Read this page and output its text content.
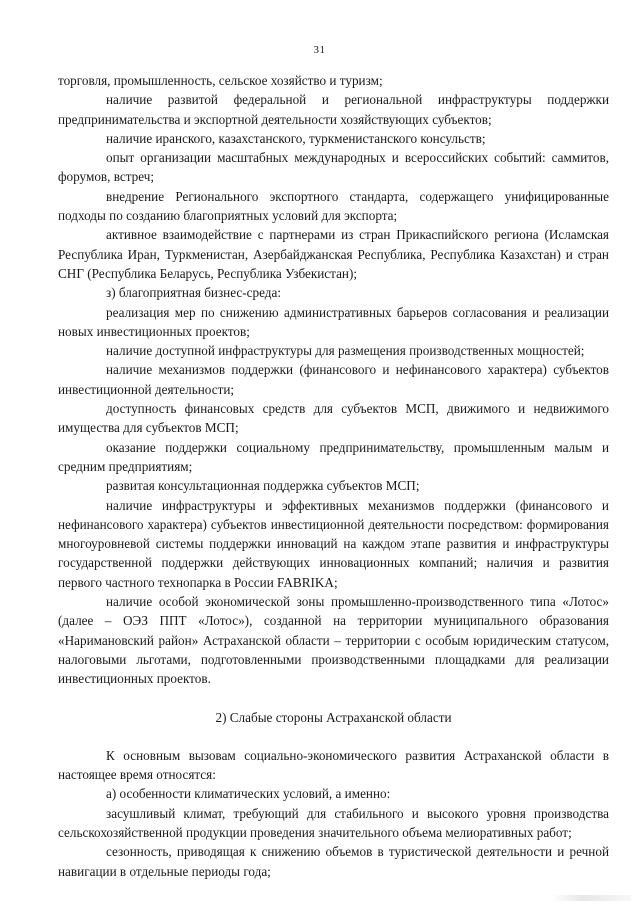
31

торговля, промышленность, сельское хозяйство и туризм;

наличие развитой федеральной и региональной инфраструктуры поддержки предпринимательства и экспортной деятельности хозяйствующих субъектов;

наличие иранского, казахстанского, туркменистанского консульств;

опыт организации масштабных международных и всероссийских событий: саммитов, форумов, встреч;

внедрение Регионального экспортного стандарта, содержащего унифицированные подходы по созданию благоприятных условий для экспорта;

активное взаимодействие с партнерами из стран Прикаспийского региона (Исламская Республика Иран, Туркменистан, Азербайджанская Республика, Республика Казахстан) и стран СНГ (Республика Беларусь, Республика Узбекистан);

з) благоприятная бизнес-среда:

реализация мер по снижению административных барьеров согласования и реализации новых инвестиционных проектов;

наличие доступной инфраструктуры для размещения производственных мощностей;

наличие механизмов поддержки (финансового и нефинансового характера) субъектов инвестиционной деятельности;

доступность финансовых средств для субъектов МСП, движимого и недвижимого имущества для субъектов МСП;

оказание поддержки социальному предпринимательству, промышленным малым и средним предприятиям;

развитая консультационная поддержка субъектов МСП;

наличие инфраструктуры и эффективных механизмов поддержки (финансового и нефинансового характера) субъектов инвестиционной деятельности посредством: формирования многоуровневой системы поддержки инноваций на каждом этапе развития и инфраструктуры государственной поддержки действующих инновационных компаний; наличия и развития первого частного технопарка в России FABRIKA;

наличие особой экономической зоны промышленно-производственного типа «Лотос» (далее – ОЭЗ ППТ «Лотос»), созданной на территории муниципального образования «Наримановский район» Астраханской области – территории с особым юридическим статусом, налоговыми льготами, подготовленными производственными площадками для реализации инвестиционных проектов.

2) Слабые стороны Астраханской области

К основным вызовам социально-экономического развития Астраханской области в настоящее время относятся:

а) особенности климатических условий, а именно:

засушливый климат, требующий для стабильного и высокого уровня производства сельскохозяйственной продукции проведения значительного объема мелиоративных работ;

сезонность, приводящая к снижению объемов в туристической деятельности и речной навигации в отдельные периоды года;
